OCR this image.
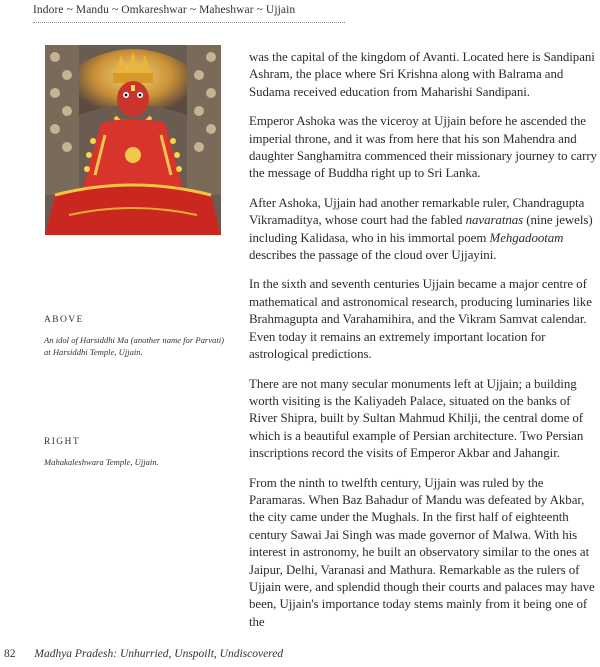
Indore ~ Mandu ~ Omkareshwar ~ Maheshwar ~ Ujjain
ABOVE
An idol of Harsiddhi Ma (another name for Parvati) at Harsiddhi Temple, Ujjain.
RIGHT
Mahakaleshwara Temple, Ujjain.

was the capital of the kingdom of Avanti. Located here is Sandipani Ashram, the place where Sri Krishna along with Balrama and Sudama received education from Maharishi Sandipani.

Emperor Ashoka was the viceroy at Ujjain before he ascended the imperial throne, and it was from here that his son Mahendra and daughter Sanghamitra commenced their missionary journey to carry the message of Buddha right up to Sri Lanka.

After Ashoka, Ujjain had another remarkable ruler, Chandragupta Vikramaditya, whose court had the fabled navaratnas (nine jewels) including Kalidasa, who in his immortal poem Mehgadootam describes the passage of the cloud over Ujjayini.

In the sixth and seventh centuries Ujjain became a major centre of mathematical and astronomical research, producing luminaries like Brahmagupta and Varahamihira, and the Vikram Samvat calendar. Even today it remains an extremely important location for astrological predictions.

There are not many secular monuments left at Ujjain; a building worth visiting is the Kaliyadeh Palace, situated on the banks of River Shipra, built by Sultan Mahmud Khilji, the central dome of which is a beautiful example of Persian architecture. Two Persian inscriptions record the visits of Emperor Akbar and Jahangir.

From the ninth to twelfth century, Ujjain was ruled by the Paramaras. When Baz Bahadur of Mandu was defeated by Akbar, the city came under the Mughals. In the first half of eighteenth century Sawai Jai Singh was made governor of Malwa. With his interest in astronomy, he built an observatory similar to the ones at Jaipur, Delhi, Varanasi and Mathura. Remarkable as the rulers of Ujjain were, and splendid though their courts and palaces may have been, Ujjain's importance today stems mainly from it being one of the

82 Madhya Pradesh: Unhurried, Unspoilt, Undiscovered
